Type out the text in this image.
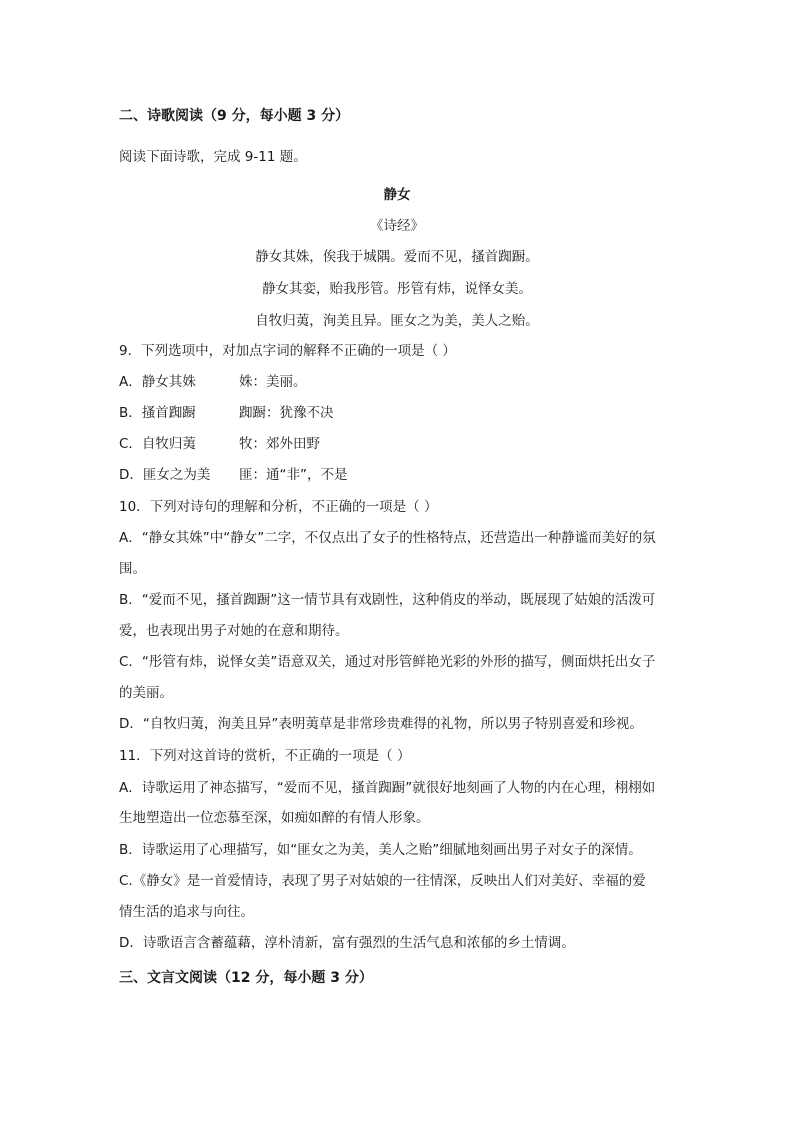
二、诗歌阅读（9 分，每小题 3 分）
阅读下面诗歌，完成 9-11 题。
静女
《诗经》
静女其姝，俟我于城隅。爱而不见，搔首踟蹰。
静女其娈，贻我彤管。彤管有炜，说怿女美。
自牧归荑，洵美且异。匪女之为美，美人之贻。
9．下列选项中，对加点字词的解释不正确的一项是（ ）
A．静女其姝	姝：美丽。
B．搔首踟蹰	踟蹰：犹豫不决
C．自牧归荑	牧：郊外田野
D．匪女之为美 匪：通“非”，不是
10．下列对诗句的理解和分析，不正确的一项是（ ）
A．“静女其姝”中“静女”二字，不仅点出了女子的性格特点，还营造出一种静谧而美好的氛
围。
B．“爱而不见，搔首踟蹰”这一情节具有戏剧性，这种俏皮的举动，既展现了姑娘的活泼可
爱，也表现出男子对她的在意和期待。
C．“彤管有炜，说怿女美”语意双关，通过对彤管鲜艳光彩的外形的描写，侧面烘托出女子
的美丽。
D．“自牧归荑，洵美且异”表明荑草是非常珍贵难得的礼物，所以男子特别喜爱和珍视。
11．下列对这首诗的赏析，不正确的一项是（ ）
A．诗歌运用了神态描写，“爱而不见，搔首踟蹰”就很好地刻画了人物的内在心理，栩栩如
生地塑造出一位恋慕至深，如痴如醉的有情人形象。
B．诗歌运用了心理描写，如“匪女之为美，美人之贻”细腻地刻画出男子对女子的深情。
C.《静女》是一首爱情诗，表现了男子对姑娘的一往情深，反映出人们对美好、幸福的爱
情生活的追求与向往。
D．诗歌语言含蓄蕴藉，淳朴清新，富有强烈的生活气息和浓郁的乡土情调。
三、文言文阅读（12 分，每小题 3 分）
